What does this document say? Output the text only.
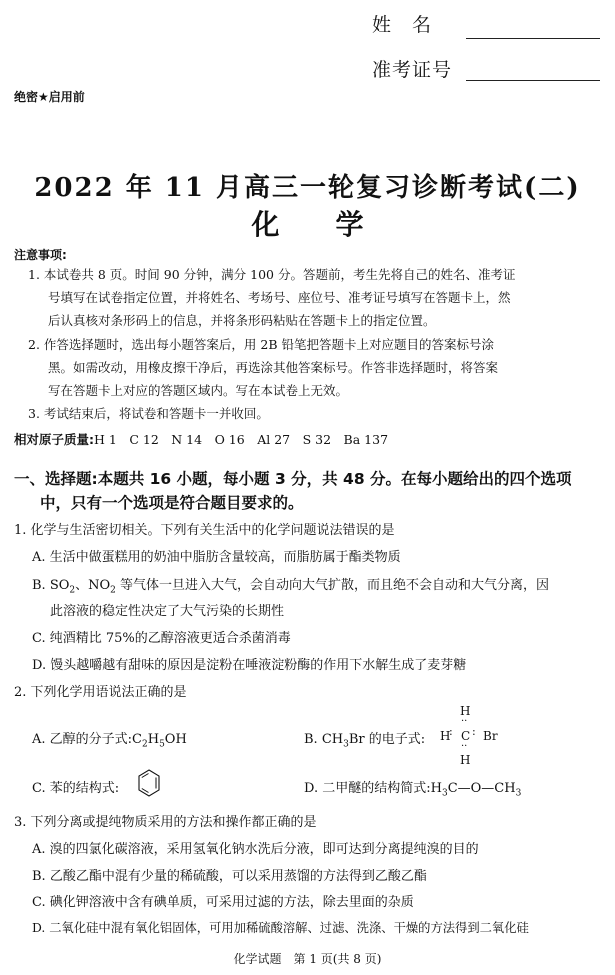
姓　名
准考证号
绝密★启用前
2022 年 11 月高三一轮复习诊断考试(二)
化　　学
注意事项:
1. 本试卷共 8 页。时间 90 分钟，满分 100 分。答题前，考生先将自己的姓名、准考证
号填写在试卷指定位置，并将姓名、考场号、座位号、准考证号填写在答题卡上，然
后认真核对条形码上的信息，并将条形码粘贴在答题卡上的指定位置。
2. 作答选择题时，选出每小题答案后，用 2B 铅笔把答题卡上对应题目的答案标号涂
黑。如需改动，用橡皮擦干净后，再选涂其他答案标号。作答非选择题时，将答案
写在答题卡上对应的答题区域内。写在本试卷上无效。
3. 考试结束后，将试卷和答题卡一并收回。
相对原子质量:H 1　C 12　N 14　O 16　Al 27　S 32　Ba 137
一、选择题:本题共 16 小题，每小题 3 分，共 48 分。在每小题给出的四个选项
中，只有一个选项是符合题目要求的。
1. 化学与生活密切相关。下列有关生活中的化学问题说法错误的是
A. 生活中做蛋糕用的奶油中脂肪含量较高，而脂肪属于酯类物质
B. $SO_2$、$NO_2$ 等气体一旦进入大气，会自动向大气扩散，而且绝不会自动和大气分离，因
此溶液的稳定性决定了大气污染的长期性
C. 纯酒精比 75%的乙醇溶液更适合杀菌消毒
D. 馒头越嚼越有甜味的原因是淀粉在唾液淀粉酶的作用下水解生成了麦芽糖
2. 下列化学用语说法正确的是
A. 乙醇的分子式$:C_2H_5OH$	B. $CH_3Br$ 的电子式:
H
··
H
: C : Br
··
H
C. 苯的结构式:	D. 二甲醚的结构简式$:H_3C—O—CH_3$
3. 下列分离或提纯物质采用的方法和操作都正确的是
A. 溴的四氯化碳溶液，采用氢氧化钠水洗后分液，即可达到分离提纯溴的目的
B. 乙酸乙酯中混有少量的稀硫酸，可以采用蒸馏的方法得到乙酸乙酯
C. 碘化钾溶液中含有碘单质，可采用过滤的方法，除去里面的杂质
D. 二氧化硅中混有氧化铝固体，可用加稀硫酸溶解、过滤、洗涤、干燥的方法得到二氧化硅
化学试题　第 1 页(共 8 页)
